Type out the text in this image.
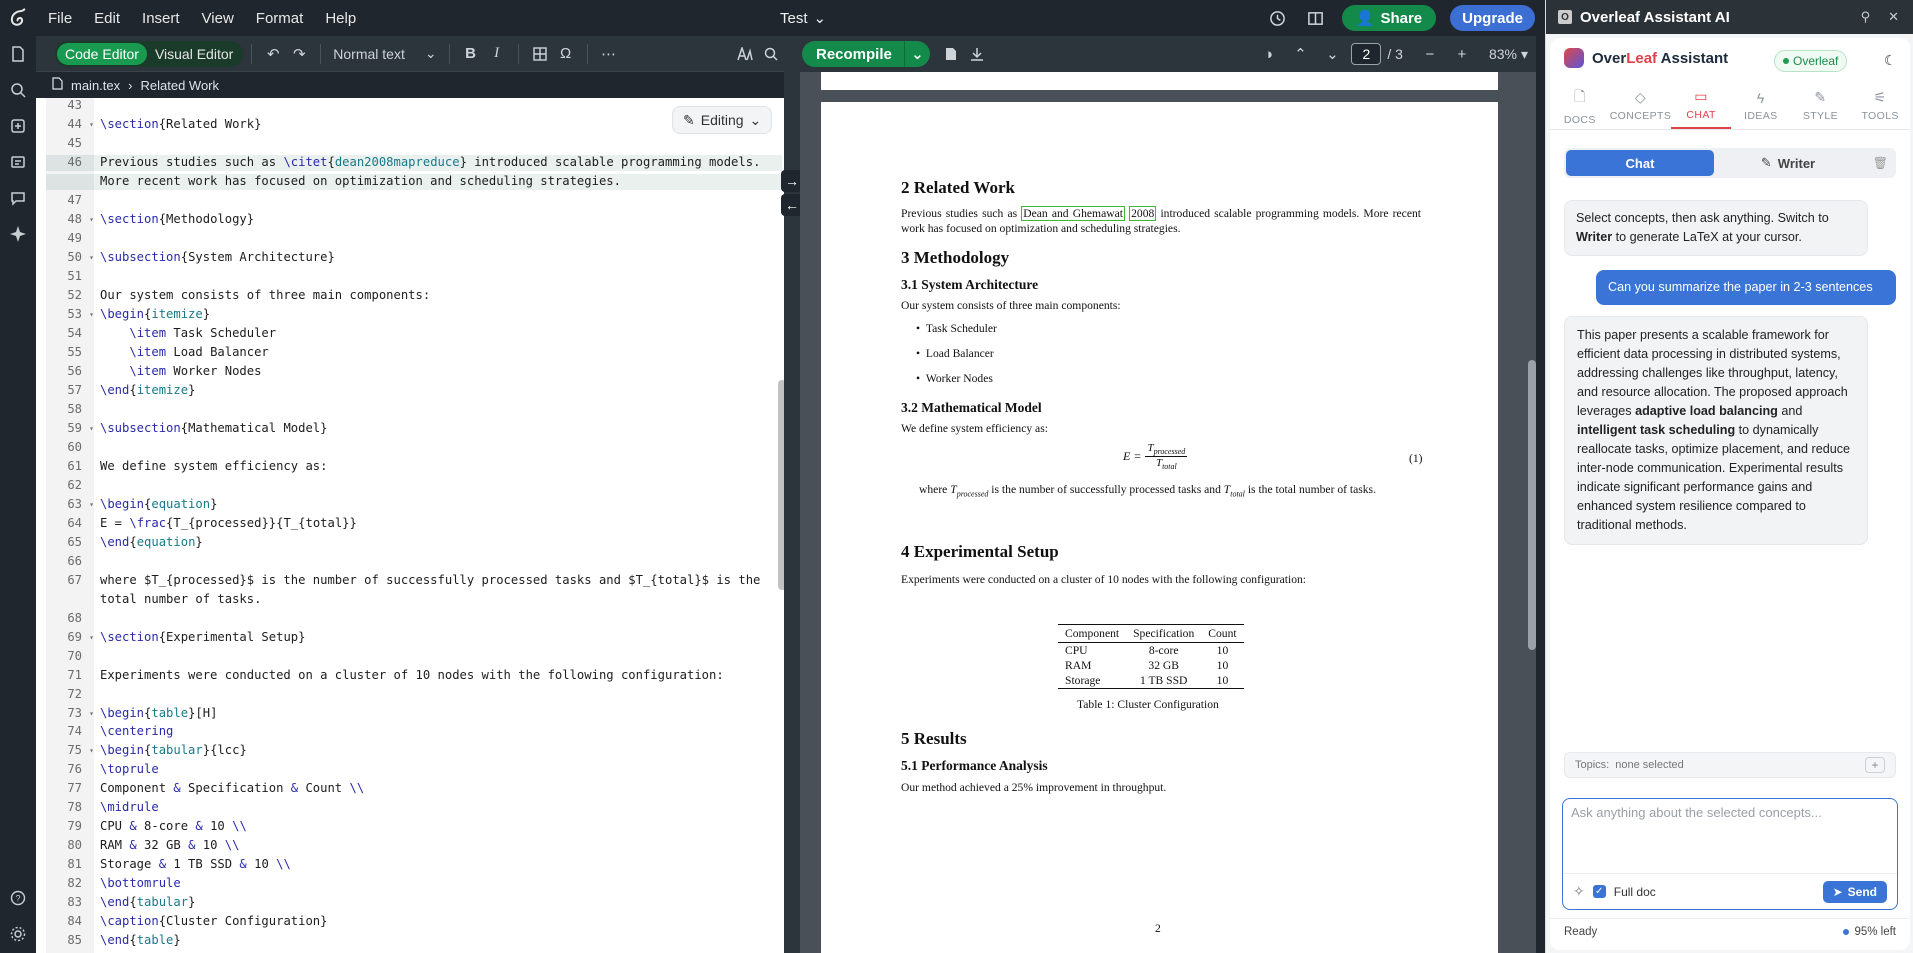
File Edit Insert View Format Help	Test ⌄	👤 Share	Upgrade
?
Code Editor	Visual Editor	↶ ↷	Normal text ⌄	B	I	Ω	⋯
main.tex › Related Work
43
44 ▾ \section{Related Work}
45
46	Previous studies such as \citet{dean2008mapreduce} introduced scalable programming models.
More recent work has focused on optimization and scheduling strategies.
47
48 ▾ \section{Methodology}
49
50 ▾ \subsection{System Architecture}
51
52	Our system consists of three main components:
53 ▾ \begin{itemize}
54	\item Task Scheduler
55	\item Load Balancer
56	\item Worker Nodes
57	\end{itemize}
58
59 ▾ \subsection{Mathematical Model}
60
61	We define system efficiency as:
62
63 ▾ \begin{equation}
64	E = \frac{T_{processed}}{T_{total}}
65	\end{equation}
66
67	where $T_{processed}$ is the number of successfully processed tasks and $T_{total}$ is the
total number of tasks.
68
69 ▾ \section{Experimental Setup}
70
71	Experiments were conducted on a cluster of 10 nodes with the following configuration:
72
73 ▾ \begin{table}[H]
74	\centering
75 ▾ \begin{tabular}{lcc}
76	\toprule
77	Component & Specification & Count \\
78	\midrule
79	CPU & 8-core & 10 \\
80	RAM & 32 GB & 10 \\
81	Storage & 1 TB SSD & 10 \\
82	\bottomrule
83	\end{tabular}
84	\caption{Cluster Configuration}
85	\end{table}
✎ Editing ⌄
→
←
Recompile	⌄	◑	⌃	⌄	2	/ 3	−	+	83% ▾
2 Related Work
Previous studies such as Dean and Ghemawat 2008 introduced scalable programming models. More recent work has focused on optimization and scheduling strategies.
3 Methodology
3.1 System Architecture
Our system consists of three main components:
•  Task Scheduler
•  Load Balancer
•  Worker Nodes
3.2 Mathematical Model
We define system efficiency as:
E =
$T_{processed}$
$T_{total}$
(1)
where $T_{processed}$ is the number of successfully processed tasks and $T_{total}$ is the total number of tasks.
4 Experimental Setup
Experiments were conducted on a cluster of 10 nodes with the following configuration:
Component	Specification	Count
CPU	8-core	10
RAM	32 GB	10
Storage	1 TB SSD	10
Table 1: Cluster Configuration
5 Results
5.1 Performance Analysis
Our method achieved a 25% improvement in throughput.
2
O Overleaf Assistant AI	⚲ ✕
OverLeaf Assistant	Overleaf	☾
🗋
DOCS
◇
CONCEPTS
▭
CHAT
ϟ
IDEAS
✎
STYLE
⚟
TOOLS
Chat	✎ Writer	🗑
Select concepts, then ask anything. Switch to Writer to generate LaTeX at your cursor.
Can you summarize the paper in 2-3 sentences
This paper presents a scalable framework for efficient data processing in distributed systems, addressing challenges like throughput, latency, and resource allocation. The proposed approach leverages adaptive load balancing and intelligent task scheduling to dynamically reallocate tasks, optimize placement, and reduce inter-node communication. Experimental results indicate significant performance gains and enhanced system resilience compared to traditional methods.
Topics: none selected	+
Ask anything about the selected concepts...
✧ ✓ Full doc	➤ Send
Ready	95% left
